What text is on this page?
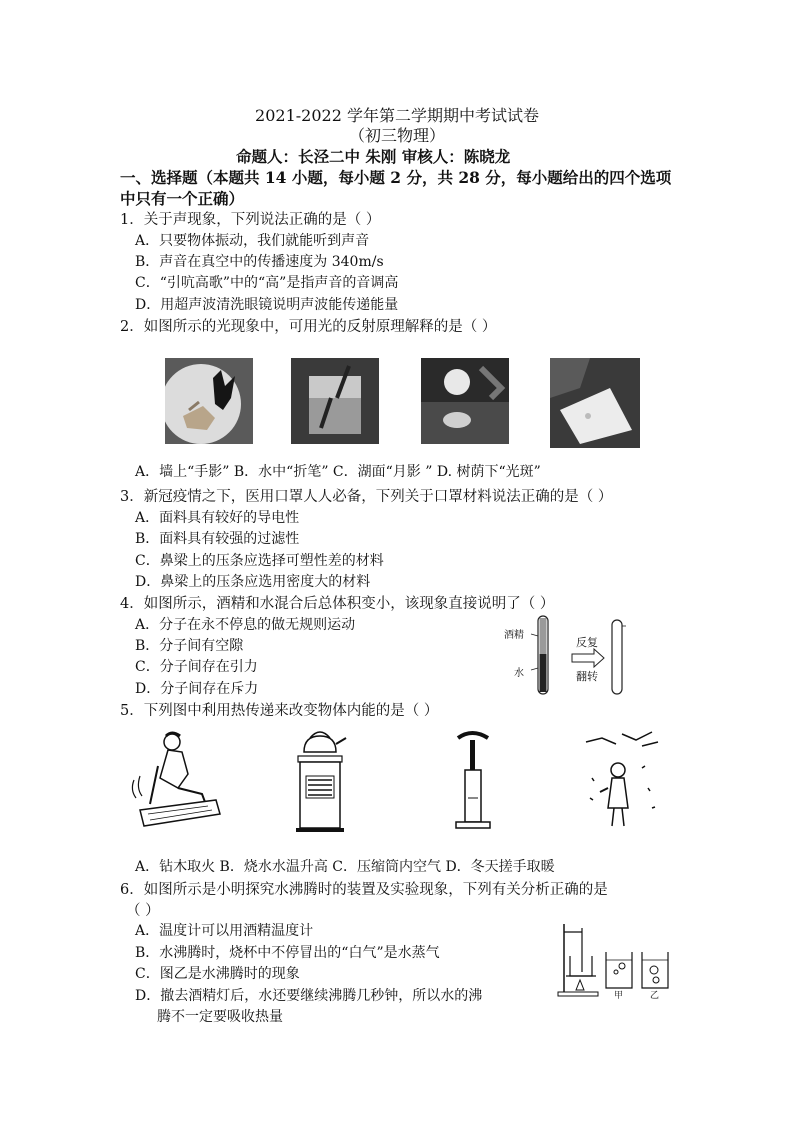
2021-2022 学年第二学期期中考试试卷
（初三物理）
命题人：长泾二中 朱刚 审核人：陈晓龙
一、选择题（本题共 14 小题，每小题 2 分，共 28 分，每小题给出的四个选项
中只有一个正确）
1．关于声现象，下列说法正确的是（ ）
A．只要物体振动，我们就能听到声音
B．声音在真空中的传播速度为 340m/s
C．“引吭高歌”中的“高”是指声音的音调高
D．用超声波清洗眼镜说明声波能传递能量
2．如图所示的光现象中，可用光的反射原理解释的是（ ）
A．墙上“手影” B．水中“折笔” C．湖面“月影 ” D. 树荫下“光斑”
3．新冠疫情之下，医用口罩人人必备，下列关于口罩材料说法正确的是（ ）
A．面料具有较好的导电性
B．面料具有较强的过滤性
C．鼻梁上的压条应选择可塑性差的材料
D．鼻梁上的压条应选用密度大的材料
4．如图所示，酒精和水混合后总体积变小，该现象直接说明了（ ）
A．分子在永不停息的做无规则运动
B．分子间有空隙
C．分子间存在引力
D．分子间存在斥力
酒精
水
反复
翻转
5．下列图中利用热传递来改变物体内能的是（ ）
A．钻木取火 B．烧水水温升高 C．压缩筒内空气 D．冬天搓手取暖
6．如图所示是小明探究水沸腾时的装置及实验现象，下列有关分析正确的是
（ ）
A．温度计可以用酒精温度计
B．水沸腾时，烧杯中不停冒出的“白气”是水蒸气
C．图乙是水沸腾时的现象
D．撤去酒精灯后，水还要继续沸腾几秒钟，所以水的沸
腾不一定要吸收热量
甲	乙
